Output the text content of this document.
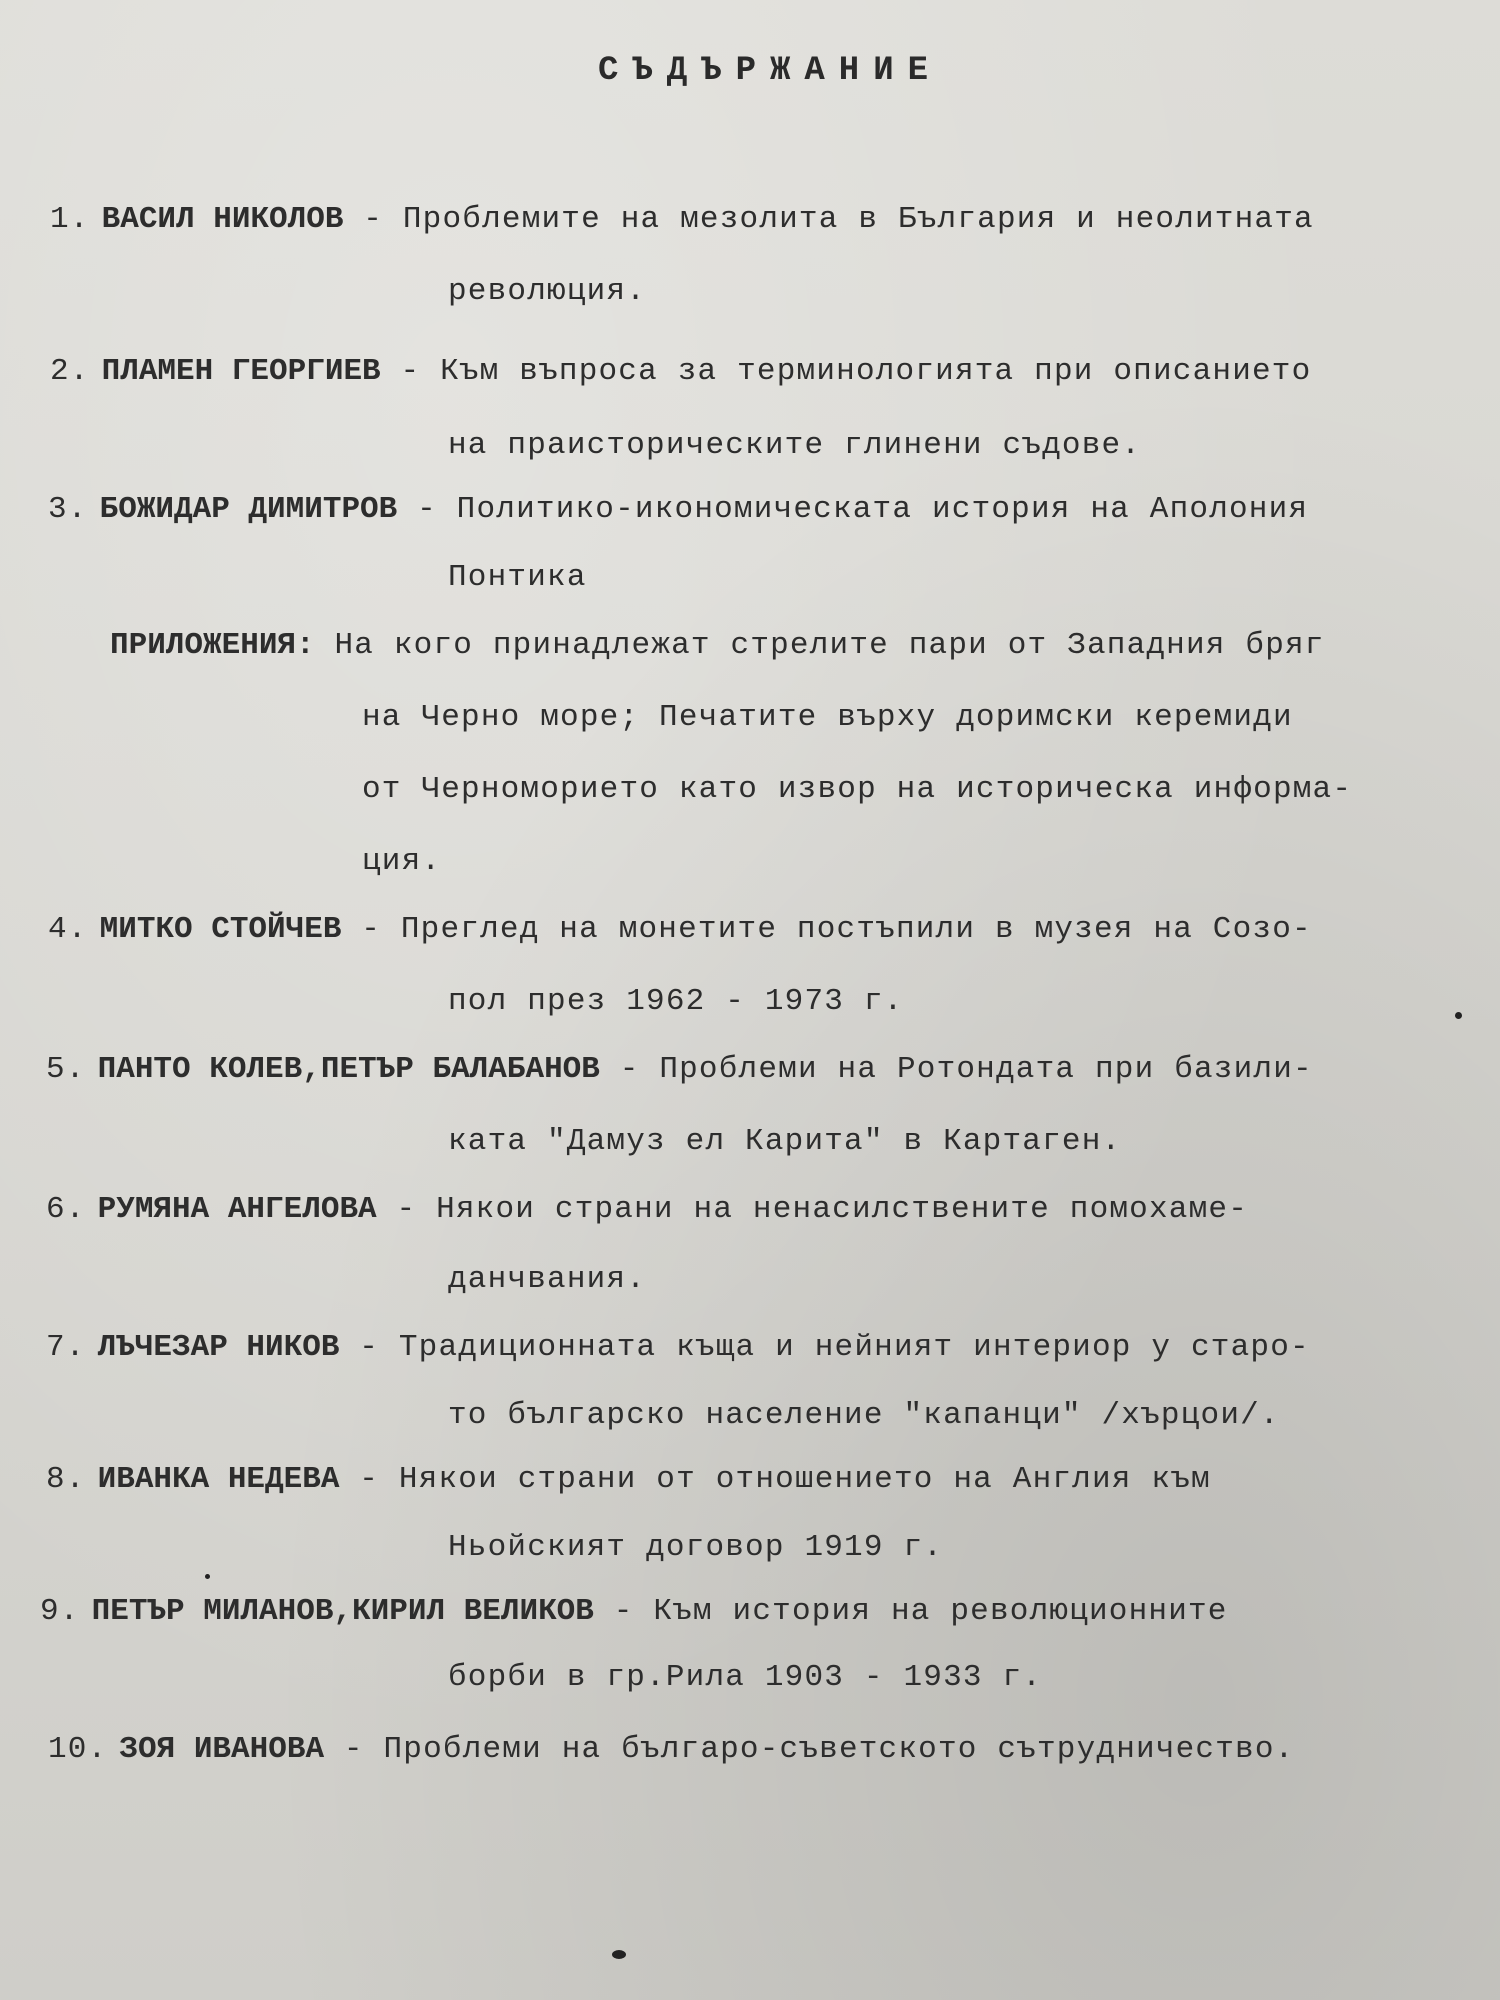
СЪДЪРЖАНИЕ
1. ВАСИЛ НИКОЛОВ - Проблемите на мезолита в България и неолитната
революция.
2. ПЛАМЕН ГЕОРГИЕВ - Към въпроса за терминологията при описанието
на праисторическите глинени съдове.
3. БОЖИДАР ДИМИТРОВ - Политико-икономическата история на Аполония
Понтика
ПРИЛОЖЕНИЯ: На кого принадлежат стрелите пари от Западния бряг
на Черно море; Печатите върху доримски керемиди
от Черноморието като извор на историческа информа-
ция.
4. МИТКО СТОЙЧЕВ - Преглед на монетите постъпили в музея на Созо-
пол през 1962 - 1973 г.
5. ПАНТО КОЛЕВ,ПЕТЪР БАЛАБАНОВ - Проблеми на Ротондата при базили-
ката "Дамуз ел Карита" в Картаген.
6. РУМЯНА АНГЕЛОВА - Някои страни на ненасилствените помохаме-
данчвания.
7. ЛЪЧЕЗАР НИКОВ - Традиционната къща и нейният интериор у старо-
то българско население "капанци" /хърцои/.
8. ИВАНКА НЕДЕВА - Някои страни от отношението на Англия към
Ньойският договор 1919 г.
9. ПЕТЪР МИЛАНОВ,КИРИЛ ВЕЛИКОВ - Към история на революционните
борби в гр.Рила 1903 - 1933 г.
10. ЗОЯ ИВАНОВА - Проблеми на българо-съветското сътрудничество.
